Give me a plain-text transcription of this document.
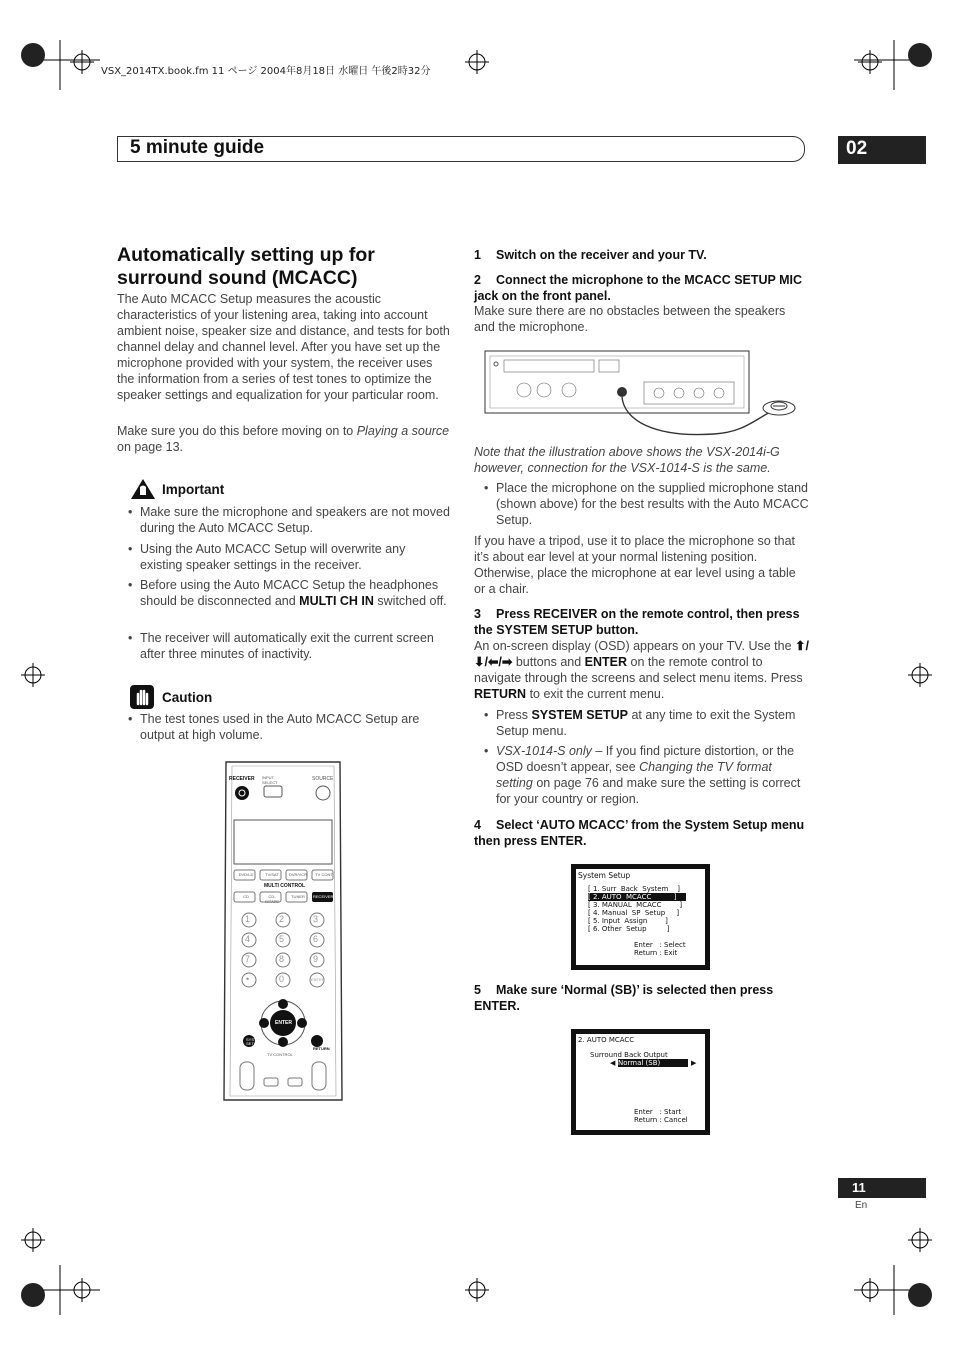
VSX_2014TX.book.fm 11 ページ 2004年8月18日 水曜日 午後2時32分
5 minute guide	02
Automatically setting up for
surround sound (MCACC)

The Auto MCACC Setup measures the acoustic characteristics of your listening area, taking into account ambient noise, speaker size and distance, and tests for both channel delay and channel level. After you have set up the microphone provided with your system, the receiver uses the information from a series of test tones to optimize the speaker settings and equalization for your particular room.

Make sure you do this before moving on to Playing a source on page 13.

Important
• Make sure the microphone and speakers are not moved during the Auto MCACC Setup.
• Using the Auto MCACC Setup will overwrite any existing speaker settings in the receiver.
• Before using the Auto MCACC Setup the headphones should be disconnected and MULTI CH IN switched off.
• The receiver will automatically exit the current screen after three minutes of inactivity.
Caution
• The test tones used in the Auto MCACC Setup are output at high volume.
RECEIVER INPUT SELECT
SOURCE
DVD/LD	TV/SAT	DVR/VCR	TV CONT
MULTI CONTROL
CD	CD-R/TAPE
TUNER	RECEIVER
1	2	3
4	5	6
7	8	9
•	0	ENTER
ENTER
SYSTEM SETUP
RETURN
TV CONTROL
1 Switch on the receiver and your TV.
2 Connect the microphone to the MCACC SETUP MIC jack on the front panel.

Make sure there are no obstacles between the speakers and the microphone.

Note that the illustration above shows the VSX-2014i-G however, connection for the VSX-1014-S is the same.

• Place the microphone on the supplied microphone stand (shown above) for the best results with the Auto MCACC Setup.

If you have a tripod, use it to place the microphone so that it’s about ear level at your normal listening position. Otherwise, place the microphone at ear level using a table or a chair.

3 Press RECEIVER on the remote control, then press the SYSTEM SETUP button.

An on-screen display (OSD) appears on your TV. Use the ⬆/⬇/⬅/➡ buttons and ENTER on the remote control to navigate through the screens and select menu items. Press RETURN to exit the current menu.

• Press SYSTEM SETUP at any time to exit the System Setup menu.
• VSX-1014-S only – If you find picture distortion, or the OSD doesn’t appear, see Changing the TV format setting on page 76 and make sure the setting is correct for your country or region.
4 Select ‘AUTO MCACC’ from the System Setup menu then press ENTER.
System Setup
[ 1. Surr  Back  System    ]
[ 2. AUTO  MCACC          ]
[ 3. MANUAL  MCACC        ]
[ 4. Manual  SP  Setup     ]
[ 5. Input  Assign        ]
[ 6. Other  Setup         ]
Enter   : Select
Return : Exit
5 Make sure ‘Normal (SB)’ is selected then press ENTER.
2. AUTO MCACC
Surround Back Output
◀ Normal (SB)	▶
Enter   : Start
Return : Cancel
11
En
